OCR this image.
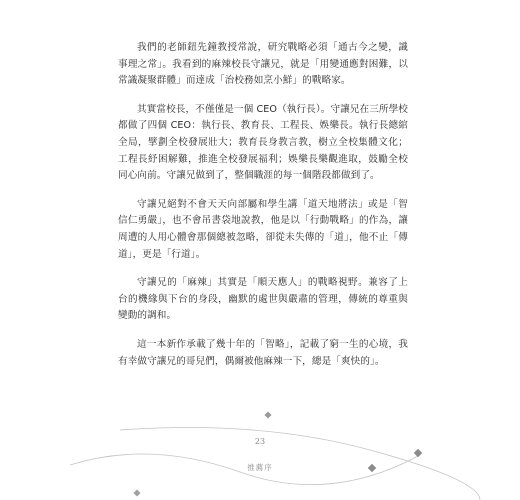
我們的老師鈕先鐘教授常說，研究戰略必須「通古今之變，識事理之常」。我看到的麻辣校長守讓兄，就是「用變通應對困難，以常識凝聚群體」而達成「治校務如烹小鮮」的戰略家。

其實當校長，不僅僅是一個 CEO（執行長）。守讓兄在三所學校都做了四個 CEO：執行長、教育長、工程長、娛樂長。執行長總綰全局，擘劃全校發展壯大；教育長身教言教，樹立全校集體文化；工程長紓困解難，推進全校發展福利；娛樂長樂觀進取，鼓勵全校同心向前。守讓兄做到了，整個職涯的每一個階段都做到了。

守讓兄絕對不會天天向部屬和學生講「道天地將法」或是「智信仁勇嚴」，也不會吊書袋地說教，他是以「行動戰略」的作為，讓周遭的人用心體會那個總被忽略，卻從未失傳的「道」，他不止「傳道」，更是「行道」。

守讓兄的「麻辣」其實是「順天應人」的戰略視野。兼容了上台的機緣與下台的身段，幽默的處世與嚴肅的管理，傳統的尊重與變動的調和。

這一本新作承載了幾十年的「智略」，記載了窮一生的心境，我有幸做守讓兄的哥兒們，偶爾被他麻辣一下，總是「爽快的」。

23
推薦序
